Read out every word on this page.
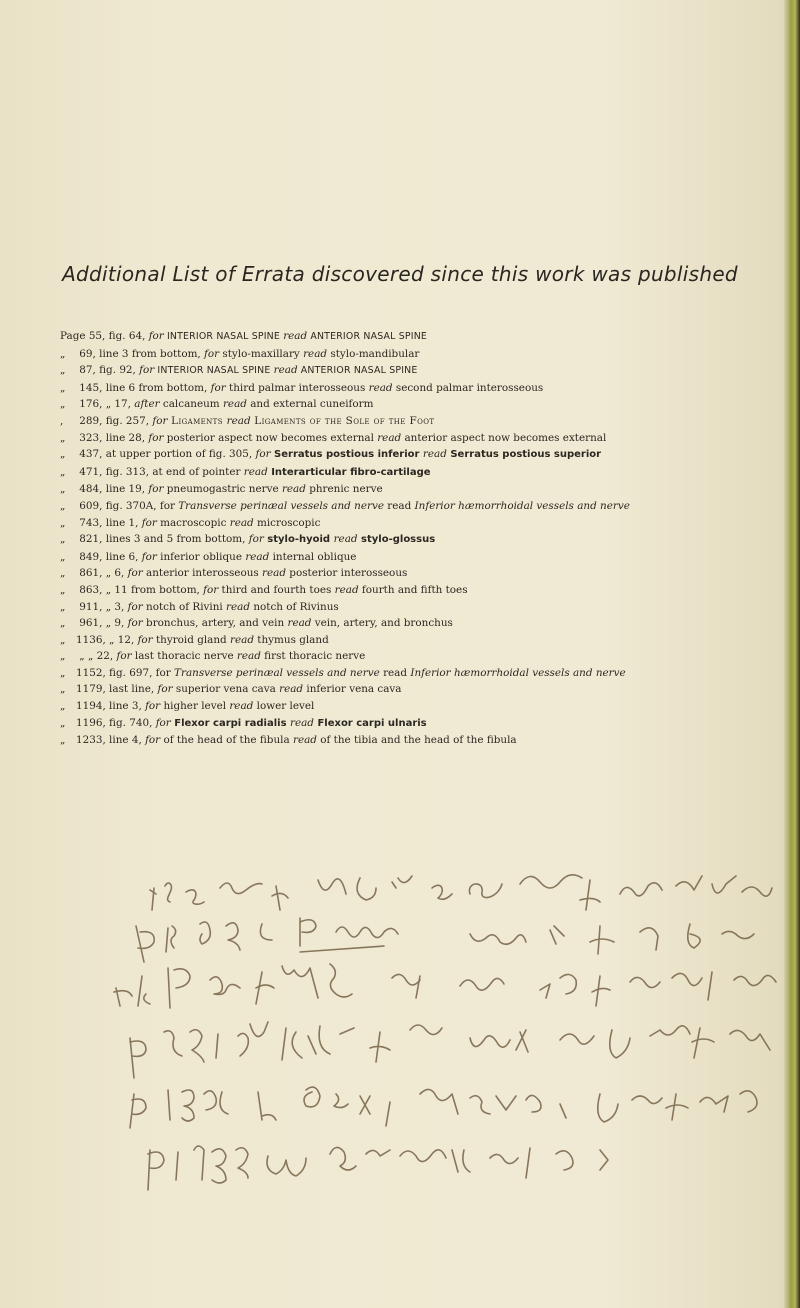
Additional List of Errata discovered since this work was published
Page 55, fig. 64, for INTERIOR NASAL SPINE read ANTERIOR NASAL SPINE
„ 69, line 3 from bottom, for stylo-maxillary read stylo-mandibular
„ 87, fig. 92, for INTERIOR NASAL SPINE read ANTERIOR NASAL SPINE
„ 145, line 6 from bottom, for third palmar interosseous read second palmar interosseous
„ 176, „ 17, after calcaneum read and external cuneiform
, 289, fig. 257, for Ligaments read Ligaments of the Sole of the Foot
„ 323, line 28, for posterior aspect now becomes external read anterior aspect now becomes external
„ 437, at upper portion of fig. 305, for Serratus postious inferior read Serratus postious superior
„ 471, fig. 313, at end of pointer read Interarticular fibro-cartilage
„ 484, line 19, for pneumogastric nerve read phrenic nerve
„ 609, fig. 370A, for Transverse perinæal vessels and nerve read Inferior hæmorrhoidal vessels and nerve
„ 743, line 1, for macroscopic read microscopic
„ 821, lines 3 and 5 from bottom, for stylo-hyoid read stylo-glossus
„ 849, line 6, for inferior oblique read internal oblique
„ 861, „ 6, for anterior interosseous read posterior interosseous
„ 863, „ 11 from bottom, for third and fourth toes read fourth and fifth toes
„ 911, „ 3, for notch of Rivini read notch of Rivinus
„ 961, „ 9, for bronchus, artery, and vein read vein, artery, and bronchus
„ 1136, „ 12, for thyroid gland read thymus gland
„ „ „ 22, for last thoracic nerve read first thoracic nerve
„ 1152, fig. 697, for Transverse perinæal vessels and nerve read Inferior hæmorrhoidal vessels and nerve
„ 1179, last line, for superior vena cava read inferior vena cava
„ 1194, line 3, for higher level read lower level
„ 1196, fig. 740, for Flexor carpi radialis read Flexor carpi ulnaris
„ 1233, line 4, for of the head of the fibula read of the tibia and the head of the fibula
